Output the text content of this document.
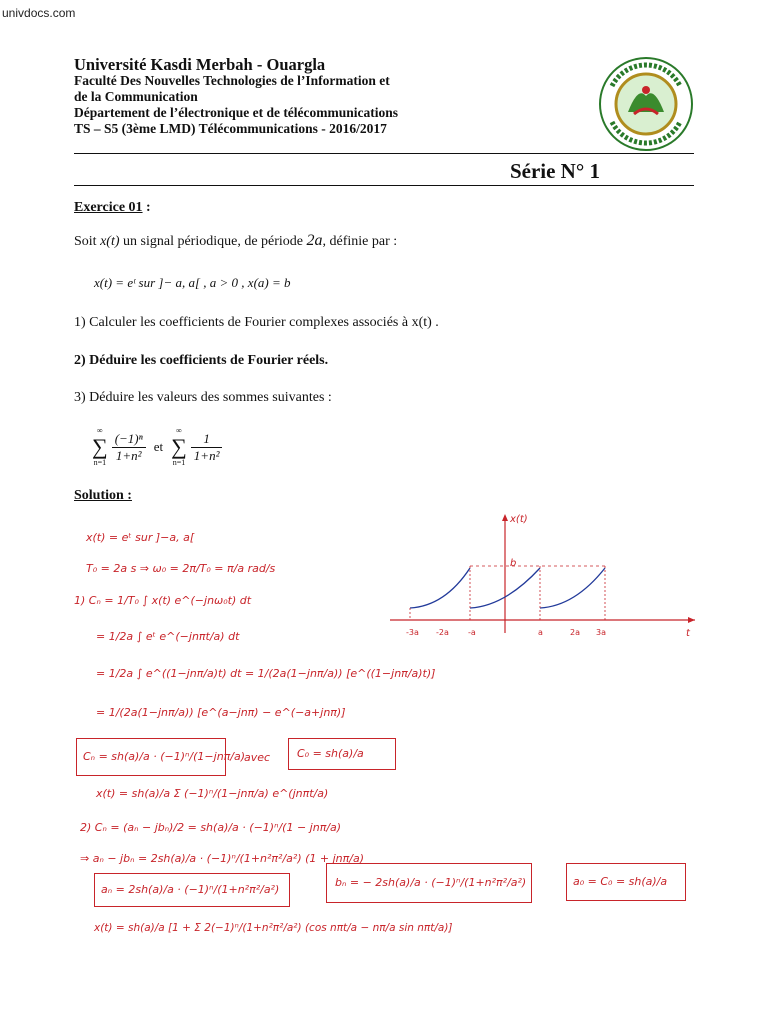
univdocs.com
Université Kasdi Merbah - Ouargla
Faculté Des Nouvelles Technologies de l’Information et
de la Communication
Département de l’électronique et de télécommunications
TS – S5 (3ème LMD) Télécommunications - 2016/2017
Série N° 1
Exercice 01 :
Soit x(t) un signal périodique, de période 2a, définie par :
x(t) = eᵗ sur ]− a, a[ , a > 0 , x(a) = b
1) Calculer les coefficients de Fourier complexes associés à x(t) .
2) Déduire les coefficients de Fourier réels.
3) Déduire les valeurs des sommes suivantes :
∞
∑
$n=1 \frac{\text{(−1)ⁿ}}{\text{1+n²}}$ et
∞
∑
$n=1 \frac{1}{\text{1+n²}}$
Solution :
x(t) = eᵗ sur ]−a, a[
T₀ = 2a s ⇒ ω₀ = 2π/T₀ = π/a rad/s
1) Cₙ = 1/T₀ ∫ x(t) e^(−jnω₀t) dt
= 1/2a ∫ eᵗ e^(−jnπt/a) dt
= 1/2a ∫ e^((1−jnπ/a)t) dt = 1/(2a(1−jnπ/a)) [e^((1−jnπ/a)t)]
= 1/(2a(1−jnπ/a)) [e^(a−jnπ) − e^(−a+jnπ)]
Cₙ = sh(a)/a · (−1)ⁿ/(1−jnπ/a)
avec C₀ = sh(a)/a
x(t) = sh(a)/a Σ (−1)ⁿ/(1−jnπ/a) e^(jnπt/a)
2) Cₙ = (aₙ − jbₙ)/2 = sh(a)/a · (−1)ⁿ/(1 − jnπ/a)
⇒ aₙ − jbₙ = 2sh(a)/a · (−1)ⁿ/(1+n²π²/a²) (1 + jnπ/a)
aₙ = 2sh(a)/a · (−1)ⁿ/(1+n²π²/a²)
bₙ = − 2sh(a)/a · (−1)ⁿ/(1+n²π²/a²)	a₀ = C₀ = sh(a)/a
x(t) = sh(a)/a [1 + Σ 2(−1)ⁿ/(1+n²π²/a²) (cos nπt/a − nπ/a sin nπt/a)]
x(t)
t
b
-3a -2a -a	a	2a 3a
